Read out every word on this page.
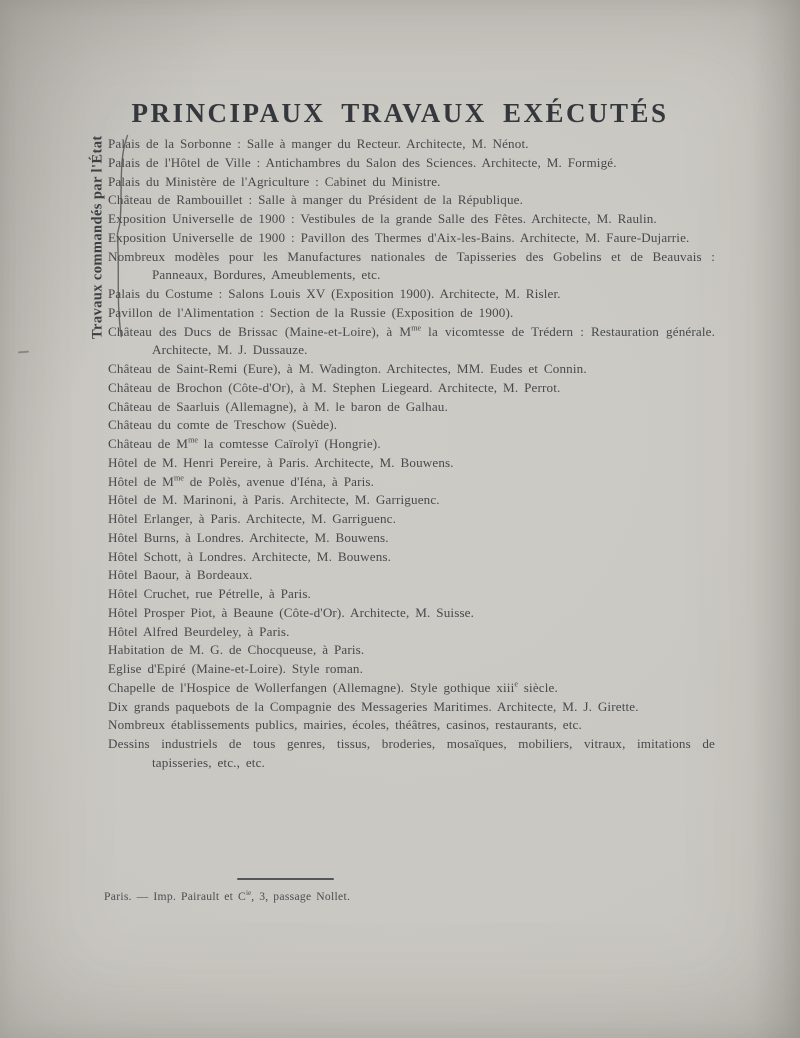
PRINCIPAUX TRAVAUX EXÉCUTÉS
Travaux commandés par l'État Palais de la Sorbonne : Salle à manger du Recteur. Architecte, M. Nénot.
Palais de l'Hôtel de Ville : Antichambres du Salon des Sciences. Architecte, M. Formigé.
Palais du Ministère de l'Agriculture : Cabinet du Ministre.
Château de Rambouillet : Salle à manger du Président de la République.
Exposition Universelle de 1900 : Vestibules de la grande Salle des Fêtes. Architecte, M. Raulin.
Exposition Universelle de 1900 : Pavillon des Thermes d'Aix-les-Bains. Architecte, M. Faure-Dujarrie.
Nombreux modèles pour les Manufactures nationales de Tapisseries des Gobelins et de Beauvais : Panneaux, Bordures, Ameublements, etc.
Palais du Costume : Salons Louis XV (Exposition 1900). Architecte, M. Risler.
Pavillon de l'Alimentation : Section de la Russie (Exposition de 1900).
Château des Ducs de Brissac (Maine-et-Loire), à $M^{me}$ la vicomtesse de Trédern : Restauration générale. Architecte, M. J. Dussauze.
Château de Saint-Remi (Eure), à M. Wadington. Architectes, MM. Eudes et Connin.
Château de Brochon (Côte-d'Or), à M. Stephen Liegeard. Architecte, M. Perrot.
Château de Saarluis (Allemagne), à M. le baron de Galhau.
Château du comte de Treschow (Suède).
Château de $M^{me}$ la comtesse Caïrolyï (Hongrie).
Hôtel de M. Henri Pereire, à Paris. Architecte, M. Bouwens.
Hôtel de $M^{me}$ de Polès, avenue d'Iéna, à Paris.
Hôtel de M. Marinoni, à Paris. Architecte, M. Garriguenc.
Hôtel Erlanger, à Paris. Architecte, M. Garriguenc.
Hôtel Burns, à Londres. Architecte, M. Bouwens.
Hôtel Schott, à Londres. Architecte, M. Bouwens.
Hôtel Baour, à Bordeaux.
Hôtel Cruchet, rue Pétrelle, à Paris.
Hôtel Prosper Piot, à Beaune (Côte-d'Or). Architecte, M. Suisse.
Hôtel Alfred Beurdeley, à Paris.
Habitation de M. G. de Chocqueuse, à Paris.
Eglise d'Epiré (Maine-et-Loire). Style roman.
Chapelle de l'Hospice de Wollerfangen (Allemagne). Style gothique xiii$^e$ siècle.
Dix grands paquebots de la Compagnie des Messageries Maritimes. Architecte, M. J. Girette.
Nombreux établissements publics, mairies, écoles, théâtres, casinos, restaurants, etc.
Dessins industriels de tous genres, tissus, broderies, mosaïques, mobiliers, vitraux, imitations de tapisseries, etc., etc.
Paris. — Imp. Pairault et $C^{ie}$, 3, passage Nollet.
